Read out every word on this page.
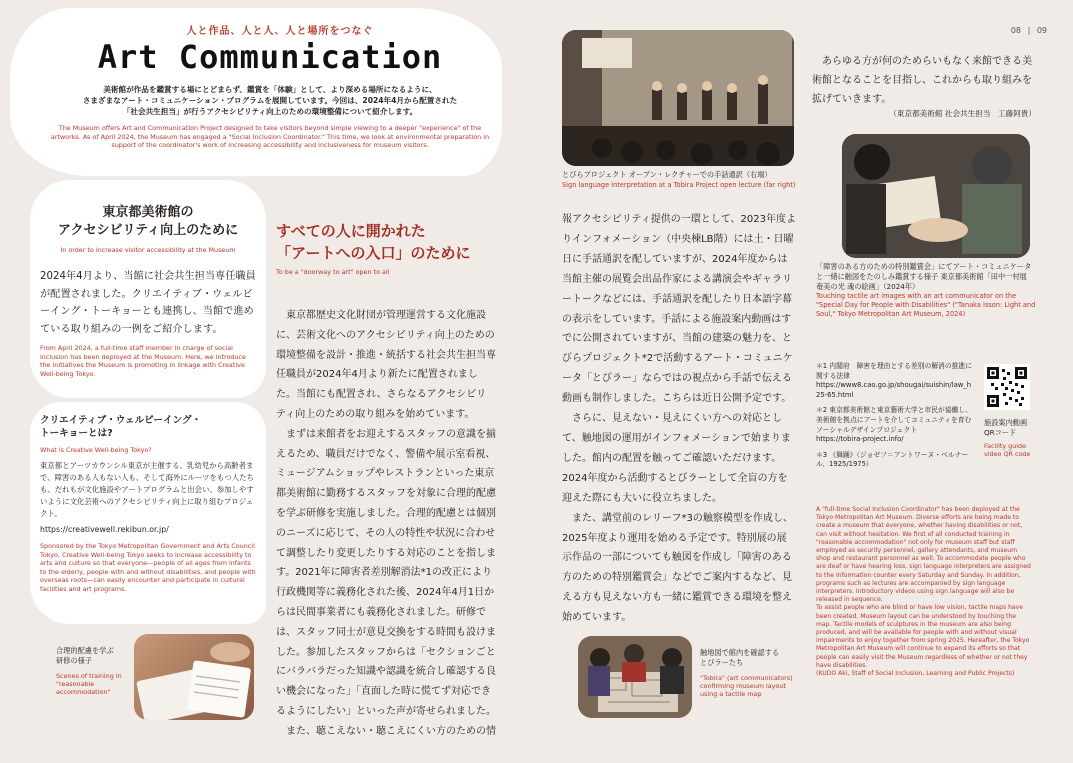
08 | 09
人と作品、人と人、人と場所をつなぐ
Art Communication
美術館が作品を鑑賞する場にとどまらず、鑑賞を「体験」として、より深める場所になるように、
さまざまなアート・コミュニケーション・プログラムを展開しています。今回は、2024年4月から配置された
「社会共生担当」が行うアクセシビリティ向上のための環境整備について紹介します。
The Museum offers Art and Communication Project designed to take visitors beyond simple viewing to a deeper "experience" of the artworks. As of April 2024, the Museum has engaged a "Social Inclusion Coordinator." This time, we look at environmental preparation in support of the coordinator's work of increasing accessibility and inclusiveness for museum visitors.
東京都美術館の
アクセシビリティ向上のために
In order to increase visitor accessibility at the Museum
2024年4月より、当館に社会共生担当専任職員が配置されました。クリエイティブ・ウェルビーイング・トーキョーとも連携し、当館で進めている取り組みの一例をご紹介します。
From April 2024, a full-time staff member in charge of social inclusion has been deployed at the Museum. Here, we introduce the initiatives the Museum is promoting in linkage with Creative Well-being Tokyo.
クリエイティブ・ウェルビーイング・
トーキョーとは?
What is Creative Well-being Tokyo?
東京都とアーツカウンシル東京が主催する、乳幼児から高齢者まで、障害のある人もない人も、そして海外にルーツをもつ人たちも、だれもが文化施設やアートプログラムと出会い、参加しやすいように文化芸術へのアクセシビリティ向上に取り組むプロジェクト。
https://creativewell.rekibun.or.jp/
Sponsored by the Tokyo Metropolitan Government and Arts Council Tokyo, Creative Well-being Tokyo seeks to increase accessibility to arts and culture so that everyone—people of all ages from infants to the elderly, people with and without disabilities, and people with overseas roots—can easily encounter and participate in cultural facilities and art programs.
合理的配慮を学ぶ
研修の様子
Scenes of training in "reasonable accommodation"
すべての人に開かれた
「アートへの入口」のために
To be a "doorway to art" open to all

東京都歴史文化財団が管理運営する文化施設に、芸術文化へのアクセシビリティ向上のための環境整備を設計・推進・統括する社会共生担当専任職員が2024年4月より新たに配置されました。当館にも配置され、さらなるアクセシビリティ向上のための取り組みを始めています。

まずは来館者をお迎えするスタッフの意識を揃えるため、職員だけでなく、警備や展示室看視、ミュージアムショップやレストランといった東京都美術館に勤務するスタッフを対象に合理的配慮を学ぶ研修を実施しました。合理的配慮とは個別のニーズに応じて、その人の特性や状況に合わせて調整したり変更したりする対応のことを指します。2021年に障害者差別解消法*1の改正により行政機関等に義務化された後、2024年4月1日からは民間事業者にも義務化されました。研修では、スタッフ同士が意見交換をする時間も設けました。参加したスタッフからは「セクションごとにバラバラだった知識や認識を統合し確認する良い機会になった」「直面した時に慌てず対応できるようにしたい」といった声が寄せられました。

また、聴こえない・聴こえにくい方のための情

とびらプロジェクト オープン・レクチャーでの手話通訳（右端）
Sign language interpretation at a Tobira Project open lecture (far right)

報アクセシビリティ提供の一環として、2023年度よりインフォメーション（中央棟LB階）には土・日曜日に手話通訳を配していますが、2024年度からは当館主催の展覧会出品作家による講演会やギャラリートークなどには、手話通訳を配したり日本語字幕の表示をしています。手話による施設案内動画はすでに公開されていますが、当館の建築の魅力を、とびらプロジェクト*2で活動するアート・コミュニケータ「とびラー」ならではの視点から手話で伝える動画も制作しました。こちらは近日公開予定です。

さらに、見えない・見えにくい方への対応として、触地図の運用がインフォメーションで始まりました。館内の配置を触ってご確認いただけます。2024年度から活動するとびラーとして全盲の方を迎えた際にも大いに役立ちました。

また、講堂前のレリーフ*3の触察模型を作成し、2025年度より運用を始める予定です。特別展の展示作品の一部についても触図を作成し「障害のある方のための特別鑑賞会」などでご案内するなど、見える方も見えない方も一緒に鑑賞できる環境を整え始めています。

触地図で館内を確認する
とびラーたち
"Tobira" (art communicators) confirming museum layout using a tactile map
あらゆる方が何のためらいもなく来館できる美術館となることを目指し、これからも取り組みを拡げていきます。
（東京都美術館 社会共生担当　工藤阿貴）
「障害のある方のための特別鑑賞会」にてアート・コミュニケータと一緒に触図をたのしみ鑑賞する様子 東京都美術館「田中一村展　奄美の光 魂の絵画」（2024年）
Touching tactile art images with an art communicator on the "Special Day for People with Disabilities" ("Tanaka Isson: Light and Soul," Tokyo Metropolitan Art Museum, 2024)
＊1 内閣府　障害を理由とする差別の解消の推進に関する法律
https://www8.cao.go.jp/shougai/suishin/law_h25-65.html
＊2 東京都美術館と東京藝術大学と市民が協働し、美術館を拠点にアートを介してコミュニティを育むソーシャルデザインプロジェクト
https://tobira-project.info/
＊3 《舞踊》（ジョゼフ＝アントワーヌ・ベルナール、1925/1975）
施設案内動画
QRコード
Facility guide video QR code

A "full-time Social Inclusion Coordinator" has been deployed at the Tokyo Metropolitan Art Museum. Diverse efforts are being made to create a museum that everyone, whether having disabilities or not, can visit without hesitation. We first of all conducted training in "reasonable accommodation" not only for museum staff but staff employed as security personnel, gallery attendants, and museum shop and restaurant personnel as well. To accommodate people who are deaf or have hearing loss, sign language interpreters are assigned to the Information counter every Saturday and Sunday. In addition, programs such as lectures are accompanied by sign language interpreters. Introductory videos using sign language will also be released in sequence.

To assist people who are blind or have low vision, tactile maps have been created. Museum layout can be understood by touching the map. Tactile models of sculptures in the museum are also being produced, and will be available for people with and without visual impairments to enjoy together from spring 2025. Hereafter, the Tokyo Metropolitan Art Museum will continue to expand its efforts so that people can easily visit the Museum regardless of whether or not they have disabilities.

(KUDO Aki, Staff of Social Inclusion, Learning and Public Projects)
